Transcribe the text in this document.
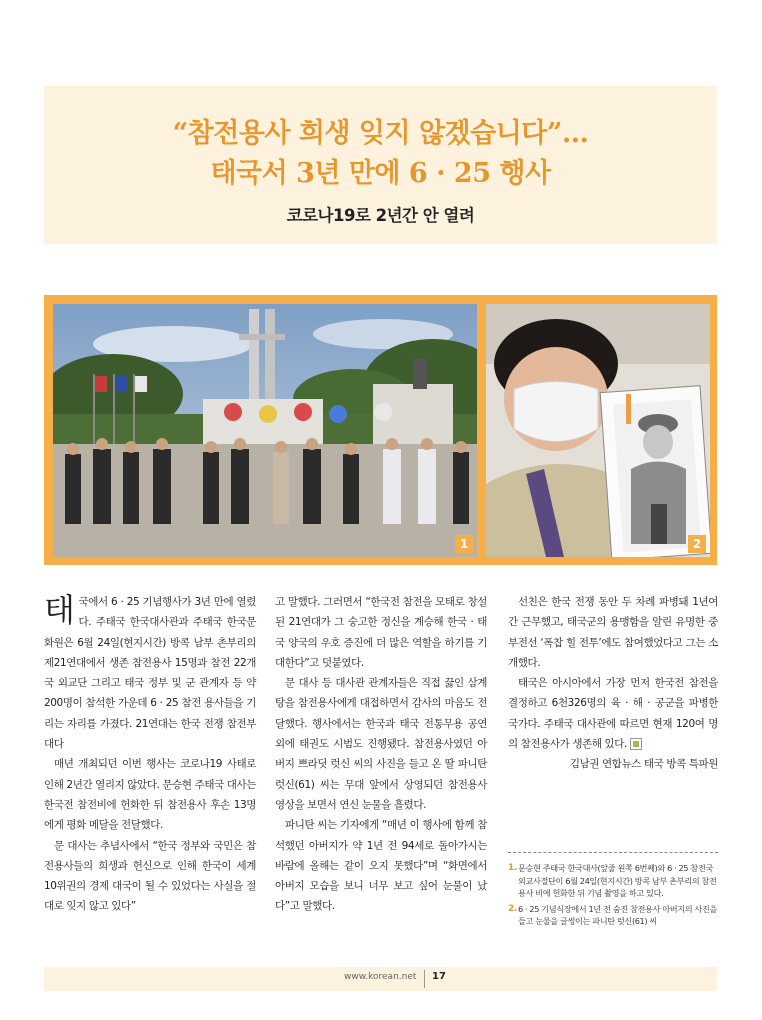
“참전용사 희생 잊지 않겠습니다”…
태국서 3년 만에 6 · 25 행사
코로나19로 2년간 안 열려
1	2

태국에서 6 · 25 기념행사가 3년 만에 열렸다. 주태국 한국대사관과 주태국 한국문화원은 6월 24일(현지시간) 방콕 남부 촌부리의 제21연대에서 생존 참전용사 15명과 참전 22개국 외교단 그리고 태국 정부 및 군 관계자 등 약 200명이 참석한 가운데 6 · 25 참전 용사들을 기리는 자리를 가졌다. 21연대는 한국 전쟁 참전부대다

매년 개최되던 이번 행사는 코로나19 사태로 인해 2년간 열리지 않았다. 문승현 주태국 대사는 한국전 참전비에 헌화한 뒤 참전용사 후손 13명에게 평화 메달을 전달했다.

문 대사는 추념사에서 “한국 정부와 국민은 참전용사들의 희생과 헌신으로 인해 한국이 세계 10위권의 경제 대국이 될 수 있었다는 사실을 절대로 잊지 않고 있다”

고 말했다. 그러면서 “한국전 참전을 모태로 창설된 21연대가 그 숭고한 정신을 계승해 한국 · 태국 양국의 우호 증진에 더 많은 역할을 하기를 기대한다”고 덧붙였다.

문 대사 등 대사관 관계자들은 직접 끓인 삼계탕을 참전용사에게 대접하면서 감사의 마음도 전달했다. 행사에서는 한국과 태국 전통무용 공연 외에 태권도 시범도 진행됐다. 참전용사였던 아버지 쁘라딧 럿신 씨의 사진을 들고 온 딸 파니탄 럿신(61) 씨는 무대 앞에서 상영되던 참전용사 영상을 보면서 연신 눈물을 흘렸다.

파니탄 씨는 기자에게 “매년 이 행사에 함께 참석했던 아버지가 약 1년 전 94세로 돌아가시는 바람에 올해는 같이 오지 못했다”며 “화면에서 아버지 모습을 보니 너무 보고 싶어 눈물이 났다”고 말했다.

선친은 한국 전쟁 동안 두 차례 파병돼 1년여간 근무했고, 태국군의 용맹함을 알린 유명한 중부전선 ‘폭찹 힐 전투’에도 참여했었다고 그는 소개했다.

태국은 아시아에서 가장 먼저 한국전 참전을 결정하고 6천326명의 육 · 해 · 공군을 파병한 국가다. 주태국 대사관에 따르면 현재 120여 명의 참전용사가 생존해 있다.

김남권 연합뉴스 태국 방콕 특파원

1. 문승현 주태국 한국대사(앞줄 왼쪽 6번째)와 6 · 25 참전국 외교사절단이 6월 24일(현지시간) 방콕 남부 촌부리의 참전용사 비에 헌화한 뒤 기념 촬영을 하고 있다.
2. 6 · 25 기념식장에서 1년 전 숨진 참전용사 아버지의 사진을 들고 눈물을 글썽이는 파니탄 럿신(61) 씨
www.korean.net 17
